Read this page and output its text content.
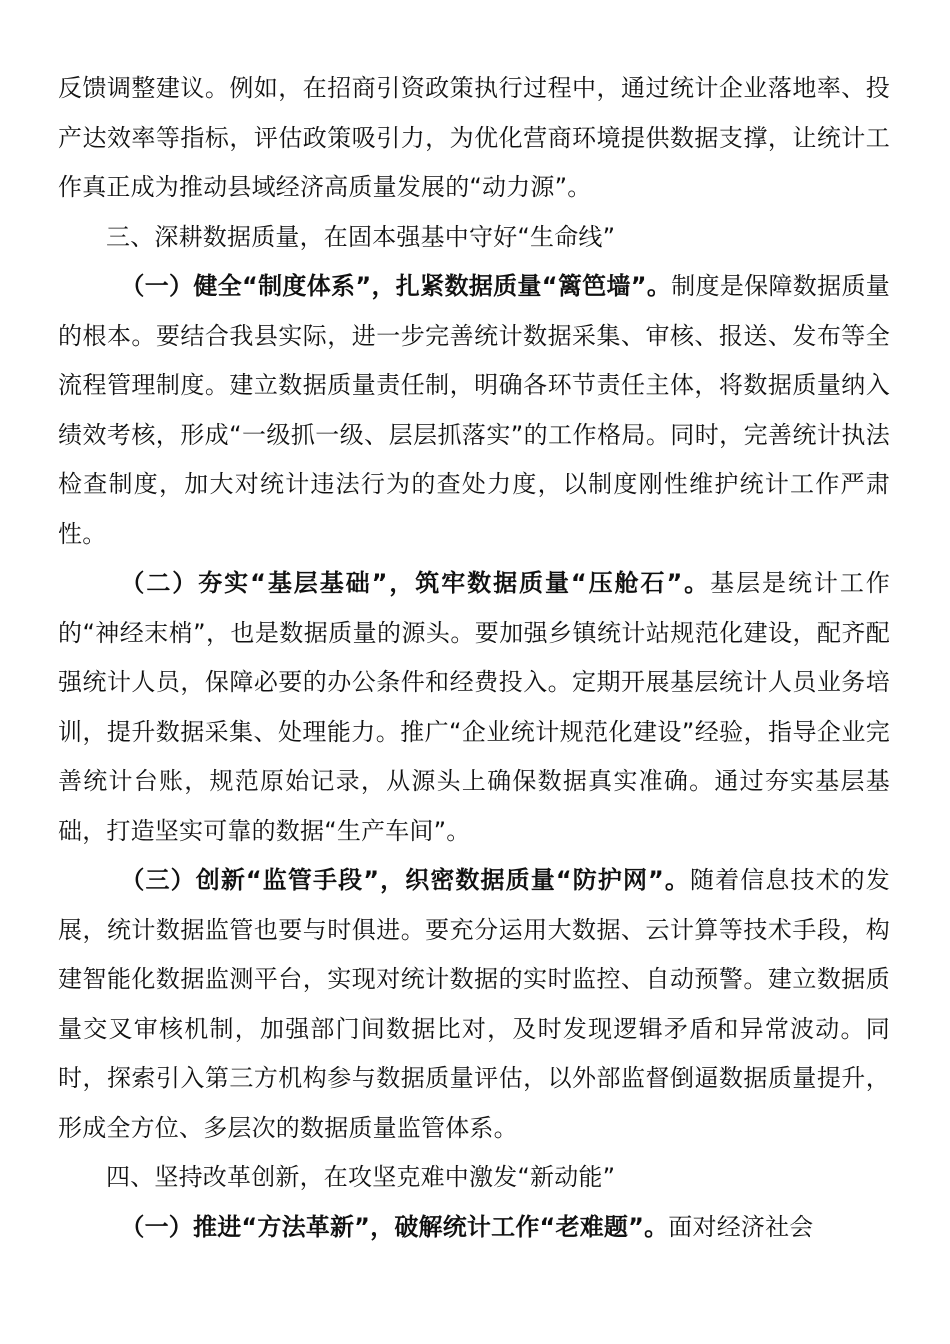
反馈调整建议。例如，在招商引资政策执行过程中，通过统计企业落地率、投产达效率等指标，评估政策吸引力，为优化营商环境提供数据支撑，让统计工作真正成为推动县域经济高质量发展的“动力源”。

三、深耕数据质量，在固本强基中守好“生命线”

（一）健全“制度体系”，扎紧数据质量“篱笆墙”。制度是保障数据质量的根本。要结合我县实际，进一步完善统计数据采集、审核、报送、发布等全流程管理制度。建立数据质量责任制，明确各环节责任主体，将数据质量纳入绩效考核，形成“一级抓一级、层层抓落实”的工作格局。同时，完善统计执法检查制度，加大对统计违法行为的查处力度，以制度刚性维护统计工作严肃性。

（二）夯实“基层基础”，筑牢数据质量“压舱石”。基层是统计工作的“神经末梢”，也是数据质量的源头。要加强乡镇统计站规范化建设，配齐配强统计人员，保障必要的办公条件和经费投入。定期开展基层统计人员业务培训，提升数据采集、处理能力。推广“企业统计规范化建设”经验，指导企业完善统计台账，规范原始记录，从源头上确保数据真实准确。通过夯实基层基础，打造坚实可靠的数据“生产车间”。

（三）创新“监管手段”，织密数据质量“防护网”。随着信息技术的发展，统计数据监管也要与时俱进。要充分运用大数据、云计算等技术手段，构建智能化数据监测平台，实现对统计数据的实时监控、自动预警。建立数据质量交叉审核机制，加强部门间数据比对，及时发现逻辑矛盾和异常波动。同时，探索引入第三方机构参与数据质量评估，以外部监督倒逼数据质量提升，形成全方位、多层次的数据质量监管体系。

四、坚持改革创新，在攻坚克难中激发“新动能”

（一）推进“方法革新”，破解统计工作“老难题”。面对经济社会
